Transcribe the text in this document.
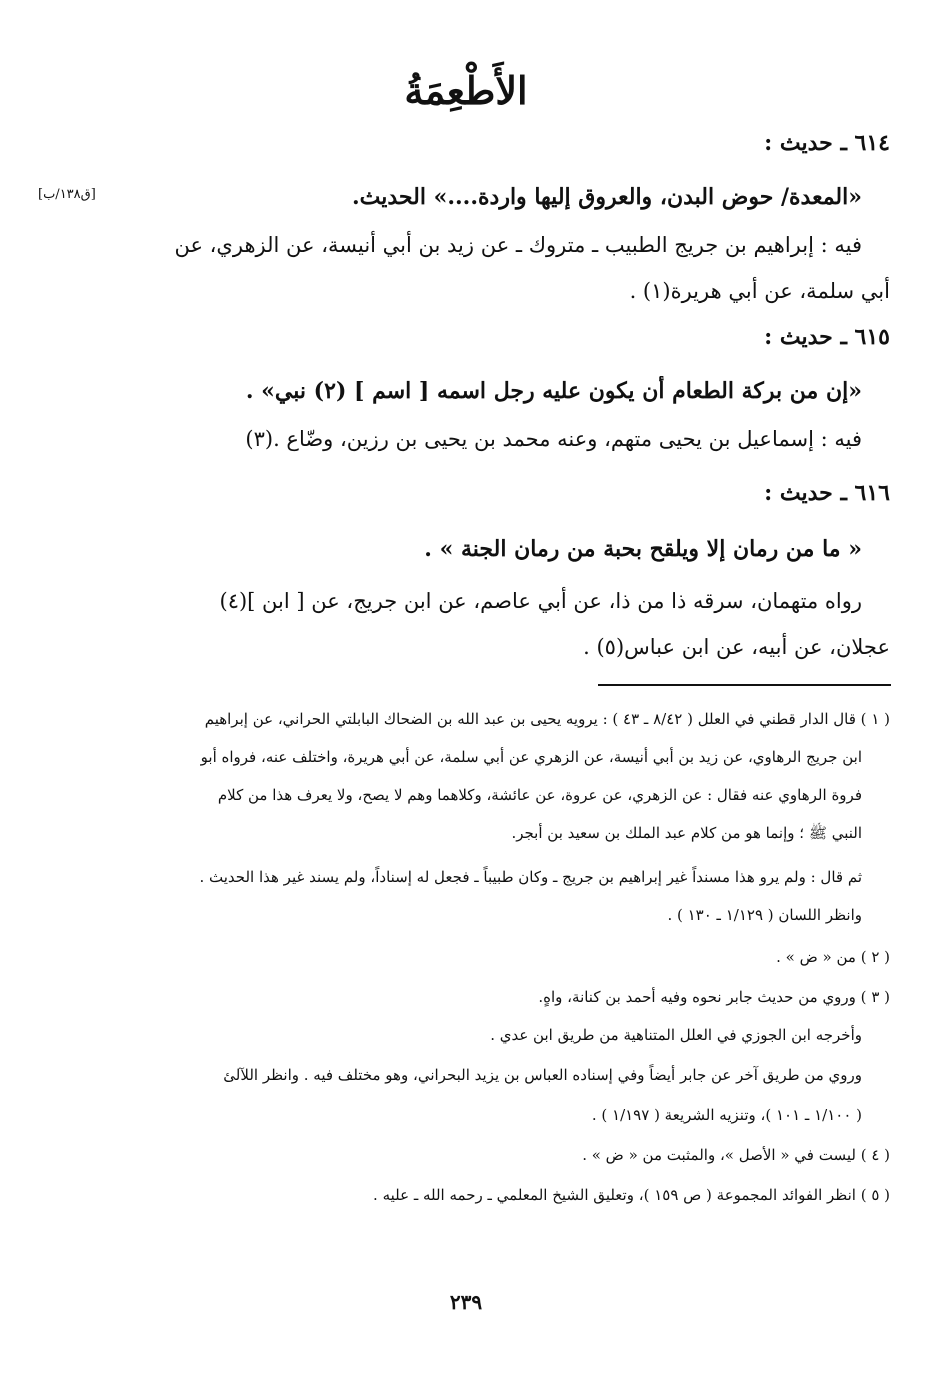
الأَطْعِمَةُ
٦١٤ ـ حديث :
[ق١٣٨/ب]	«المعدة/ حوض البدن، والعروق إليها واردة....» الحديث.
فيه : إبراهيم بن جريج الطبيب ـ متروك ـ عن زيد بن أبي أنيسة، عن الزهري، عن
أبي سلمة، عن أبي هريرة(١) .
٦١٥ ـ حديث :
«إن من بركة الطعام أن يكون عليه رجل اسمه [ اسم ] (٢) نبي» .
فيه : إسماعيل بن يحيى متهم، وعنه محمد بن يحيى بن رزين، وضّاع .(٣)
٦١٦ ـ حديث :
« ما من رمان إلا ويلقح بحبة من رمان الجنة » .
رواه متهمان، سرقه ذا من ذا، عن أبي عاصم، عن ابن جريج، عن [ ابن ](٤)
عجلان، عن أبيه، عن ابن عباس(٥) .
( ١ ) قال الدار قطني في العلل ( ٨/٤٢ ـ ٤٣ ) : يرويه يحيى بن عبد الله بن الضحاك البابلتي الحراني، عن إبراهيم
ابن جريج الرهاوي، عن زيد بن أبي أنيسة، عن الزهري عن أبي سلمة، عن أبي هريرة، واختلف عنه، فرواه أبو
فروة الرهاوي عنه فقال : عن الزهري، عن عروة، عن عائشة، وكلاهما وهم لا يصح، ولا يعرف هذا من كلام
النبي ﷺ ؛ وإنما هو من كلام عبد الملك بن سعيد بن أبجر.
ثم قال : ولم يرو هذا مسنداً غير إبراهيم بن جريج ـ وكان طبيباً ـ فجعل له إسناداً، ولم يسند غير هذا الحديث .
وانظر اللسان ( ١/١٢٩ ـ ١٣٠ ) .
( ٢ ) من « ض » .
( ٣ ) وروي من حديث جابر نحوه وفيه أحمد بن كنانة، واهٍ.
وأخرجه ابن الجوزي في العلل المتناهية من طريق ابن عدي .
وروي من طريق آخر عن جابر أيضاً وفي إسناده العباس بن يزيد البحراني، وهو مختلف فيه . وانظر اللآلئ
( ١/١٠٠ ـ ١٠١ )، وتنزيه الشريعة ( ١/١٩٧ ) .
( ٤ ) ليست في « الأصل »، والمثبت من « ض » .
( ٥ ) انظر الفوائد المجموعة ( ص ١٥٩ )، وتعليق الشيخ المعلمي ـ رحمه الله ـ عليه .
٢٣٩
